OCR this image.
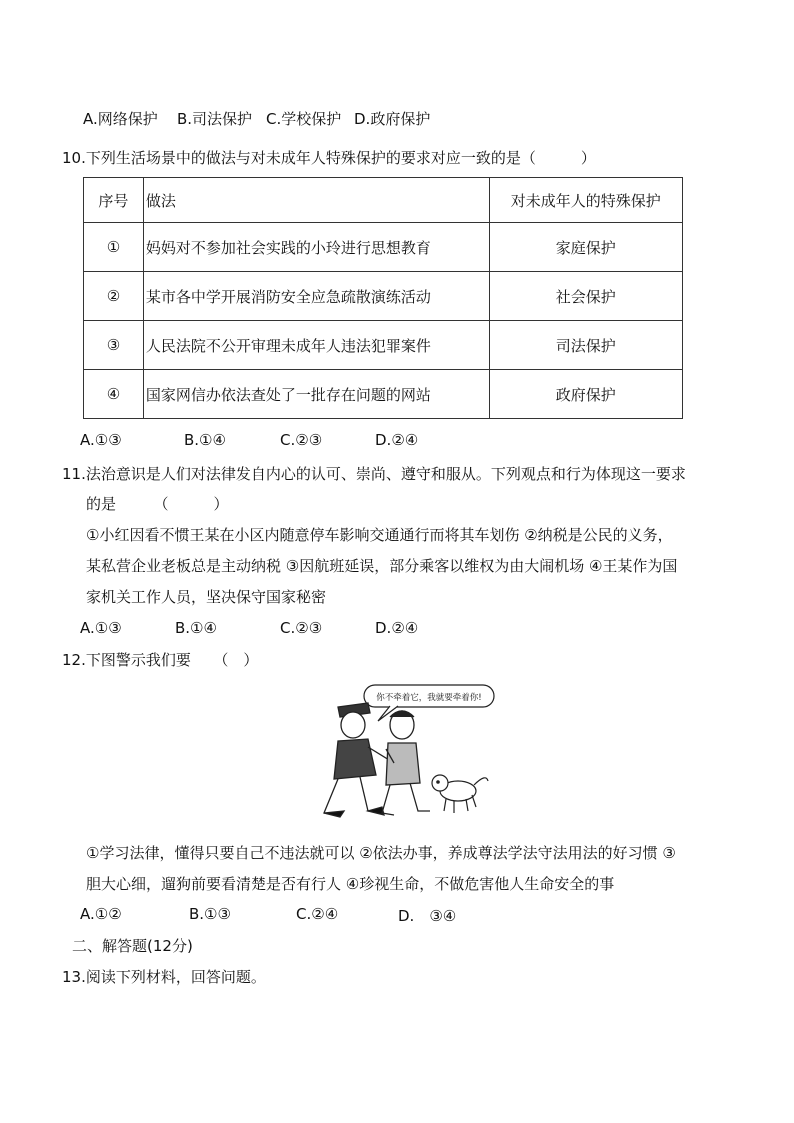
A.网络保护 B.司法保护 C.学校保护 D.政府保护
10.下列生活场景中的做法与对未成年人特殊保护的要求对应一致的是（　　　）
序号	做法	对未成年人的特殊保护
①	妈妈对不参加社会实践的小玲进行思想教育	家庭保护
②	某市各中学开展消防安全应急疏散演练活动	社会保护
③	人民法院不公开审理未成年人违法犯罪案件	司法保护
④	国家网信办依法查处了一批存在问题的网站	政府保护
A.①③	B.①④	C.②③	D.②④
11.法治意识是人们对法律发自内心的认可、崇尚、遵守和服从。下列观点和行为体现这一要求
的是　　　（　　　）
①小红因看不惯王某在小区内随意停车影响交通通行而将其车划伤 ②纳税是公民的义务，
某私营企业老板总是主动纳税 ③因航班延误，部分乘客以维权为由大闹机场 ④王某作为国
家机关工作人员，坚决保守国家秘密
A.①③	B.①④	C.②③	D.②④
12.下图警示我们要　　（　）
你不牵着它，我就要牵着你!
①学习法律，懂得只要自己不违法就可以 ②依法办事，养成尊法学法守法用法的好习惯 ③
胆大心细，遛狗前要看清楚是否有行人 ④珍视生命，不做危害他人生命安全的事
A.①②	B.①③	C.②④	D.　③④
二、解答题(12分)
13.阅读下列材料，回答问题。
